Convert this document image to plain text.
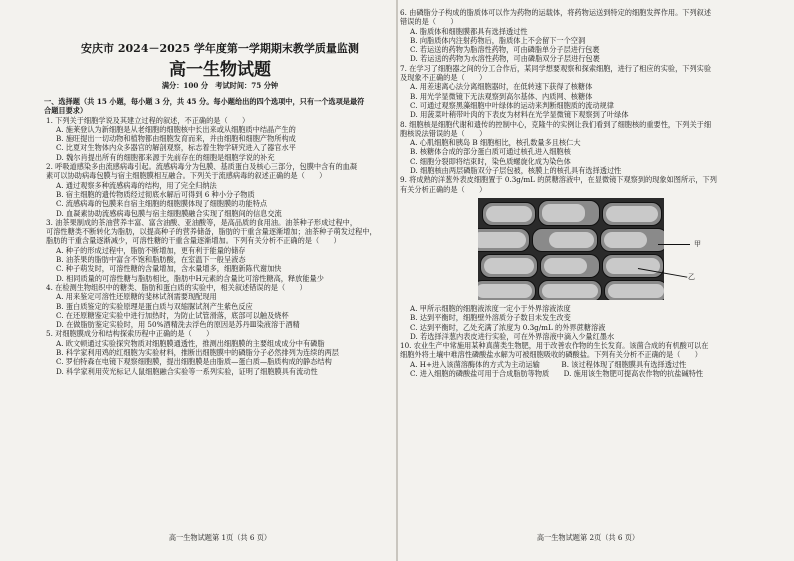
安庆市 2024－2025 学年度第一学期期末教学质量监测
高一生物试题
满分：100 分　考试时间：75 分钟
一、选择题（共 15 小题，每小题 3 分，共 45 分。每小题给出的四个选项中，只有一个选项是最符
合题目要求）
1. 下列关于细胞学说及其建立过程的叙述，不正确的是（　　）
A. 施莱登认为新细胞是从老细胞的细胞核中长出来或从细胞质中结晶产生的
B. 施旺提出一切动物和植物都由细胞发育而来，并由细胞和细胞产物所构成
C. 比夏对生物体内众多器官的解剖观察，标志着生物学研究进入了器官水平
D. 魏尔肖提出所有的细胞都来源于先前存在的细胞是细胞学说的补充
2. 呼吸道感染多由流感病毒引起。流感病毒分为包膜、基质蛋白及核心三部分，包膜中含有的血凝
素可以协助病毒包膜与宿主细胞膜相互融合。下列关于流感病毒的叙述正确的是（　　）
A. 通过观察多种流感病毒的结构，用了完全归纳法
B. 宿主细胞的遗传物质经过彻底水解后可得到 6 种小分子物质
C. 流感病毒的包膜来自宿主细胞的细胞膜体现了细胞膜的功能特点
D. 血凝素协助流感病毒包膜与宿主细胞膜融合实现了细胞间的信息交流
3. 油茶果制成的茶油营养丰富、富含油酸、亚油酸等，是高品质的食用油。油茶种子形成过程中，
可溶性糖类不断转化为脂肪，以提高种子的营养储备，脂肪的干重含量逐渐增加；油茶种子萌发过程中，
脂肪的干重含量逐渐减少，可溶性糖的干重含量逐渐增加。下列有关分析不正确的是（　　）
A. 种子的形成过程中，脂肪不断增加，更有利于能量的储存
B. 油茶果的脂肪中富含不饱和脂肪酸，在室温下一般呈液态
C. 种子萌发时，可溶性糖的含量增加，含水量增多，细胞新陈代谢加快
D. 相同质量的可溶性糖与脂肪相比，脂肪中H元素的含量比可溶性糖高，释放能量少
4. 在检测生物组织中的糖类、脂肪和蛋白质的实验中，相关叙述错误的是（　　）
A. 用来鉴定可溶性还原糖的斐林试剂需要现配现用
B. 蛋白质鉴定的实验原理是蛋白质与双缩脲试剂产生紫色反应
C. 在还原糖鉴定实验中进行加热时，为防止试管滑落，底部可以触及烧杯
D. 在做脂肪鉴定实验时，用 50%酒精洗去浮色的原因是苏丹Ⅲ染液溶于酒精
5. 对细胞膜成分和结构探索历程中正确的是（　　）
A. 欧文顿通过实验探究物质对细胞膜通透性，推测出细胞膜的主要组成成分中有磷脂
B. 科学家利用鸡的红细胞为实验材料，推断出细胞膜中的磷脂分子必然排列为连续的两层
C. 罗伯特森在电镜下观察细胞膜，提出细胞膜是由脂质—蛋白质—脂质构成的静态结构
D. 科学家利用荧光标记人鼠细胞融合实验等一系列实验，证明了细胞膜具有流动性
高一生物试题第 1页（共 6 页）
6. 由磷脂分子构成的脂质体可以作为药物的运载体，将药物运送到特定的细胞发挥作用。下列叙述
错误的是（　　）
A. 脂质体和细胞膜都具有选择透过性
B. 向脂质体内注射药物后，脂质体上不会留下一个空洞
C. 若运送的药物为脂溶性药物，可由磷脂单分子层进行包裹
D. 若运送的药物为水溶性药物，可由磷脂双分子层进行包裹
7. 在学习了细胞器之间的分工合作后，某同学想要观察和探索细胞，进行了相应的实验，下列实验
及现象不正确的是（　　）
A. 用差速离心法分离细胞器时，在低转速下获得了核糖体
B. 用光学显微镜下无法观察到高尔基体、内质网、核糖体
C. 可通过观察黑藻细胞中叶绿体的运动来判断细胞质的流动规律
D. 用菠菜叶稍带叶肉的下表皮为材料在光学显微镜下观察到了叶绿体
8. 细胞核是细胞代谢和遗传的控制中心，克隆牛的实例让我们看到了细胞核的重要性，下列关于细
胞核说法错误的是（　　）
A. 心肌细胞和胰岛 B 细胞相比，核孔数量多且核仁大
B. 核糖体合成的部分蛋白质可通过核孔进入细胞核
C. 细胞分裂即将结束时，染色质螺旋化成为染色体
D. 细胞核由两层磷脂双分子层包被，核膜上的核孔具有选择透过性
9. 将成熟的洋葱外表皮细胞置于 0.3g/mL 的蔗糖溶液中，在显微镜下观察到的现象如图所示，下列
有关分析正确的是（　　）
甲
乙
A. 甲所示细胞的细胞液浓度一定小于外界溶液浓度
B. 达到平衡时，细胞壁外溶质分子数目未发生改变
C. 达到平衡时，乙处充满了浓度为 0.3g/mL 的外界蔗糖溶液
D. 若选择洋葱内表皮进行实验，可在外界溶液中滴入少量红墨水
10. 农业生产中常施用某种真菌类生物肥，用于改善农作物的生长发育。该菌合成的有机酸可以在
细胞外将土壤中难溶性磷酸盐水解为可被细胞吸收的磷酸盐。下列有关分析不正确的是（　　）
A. H+进入该菌溶酶体的方式为主动运输　　　B. 该过程体现了细胞膜具有选择透过性
C. 进入细胞的磷酸盐可用于合成脂肪等物质　　D. 施用该生物肥可提高农作物的抗盐碱特性
高一生物试题第 2页（共 6 页）
